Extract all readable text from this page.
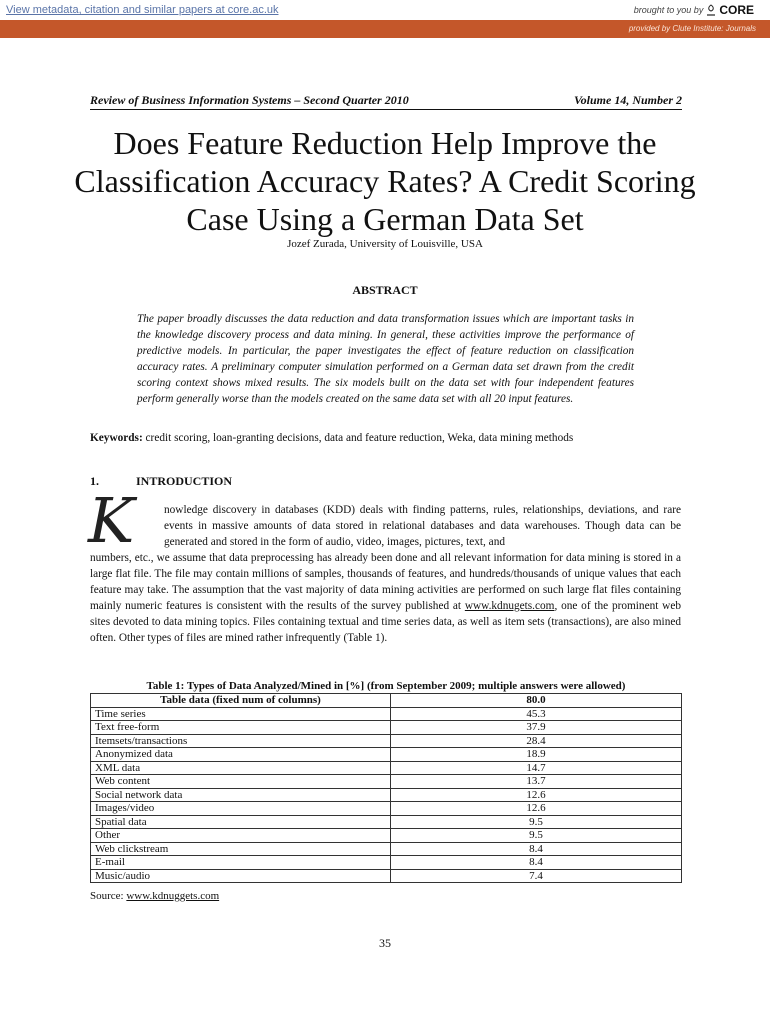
View metadata, citation and similar papers at core.ac.uk	brought to you by CORE
provided by Clute Institute: Journals
Review of Business Information Systems – Second Quarter 2010	Volume 14, Number 2
Does Feature Reduction Help Improve the Classification Accuracy Rates? A Credit Scoring Case Using a German Data Set
Jozef Zurada, University of Louisville, USA
ABSTRACT

The paper broadly discusses the data reduction and data transformation issues which are important tasks in the knowledge discovery process and data mining. In general, these activities improve the performance of predictive models. In particular, the paper investigates the effect of feature reduction on classification accuracy rates. A preliminary computer simulation performed on a German data set drawn from the credit scoring context shows mixed results. The six models built on the data set with four independent features perform generally worse than the models created on the same data set with all 20 input features.

Keywords: credit scoring, loan-granting decisions, data and feature reduction, Weka, data mining methods

1.	INTRODUCTION
K	nowledge discovery in databases (KDD) deals with finding patterns, rules, relationships, deviations, and rare events in massive amounts of data stored in relational databases and data warehouses. Though data can be generated and stored in the form of audio, video, images, pictures, text, and

numbers, etc., we assume that data preprocessing has already been done and all relevant information for data mining is stored in a large flat file. The file may contain millions of samples, thousands of features, and hundreds/thousands of unique values that each feature may take. The assumption that the vast majority of data mining activities are performed on such large flat files containing mainly numeric features is consistent with the results of the survey published at www.kdnugets.com, one of the prominent web sites devoted to data mining topics. Files containing textual and time series data, as well as item sets (transactions), are also mined often. Other types of files are mined rather infrequently (Table 1).

Table 1: Types of Data Analyzed/Mined in [%] (from September 2009; multiple answers were allowed)
Table data (fixed num of columns)	80.0
Time series	45.3
Text free-form	37.9
Itemsets/transactions	28.4
Anonymized data	18.9
XML data	14.7
Web content	13.7
Social network data	12.6
Images/video	12.6
Spatial data	9.5
Other	9.5
Web clickstream	8.4
E-mail	8.4
Music/audio	7.4
Source: www.kdnuggets.com
35
